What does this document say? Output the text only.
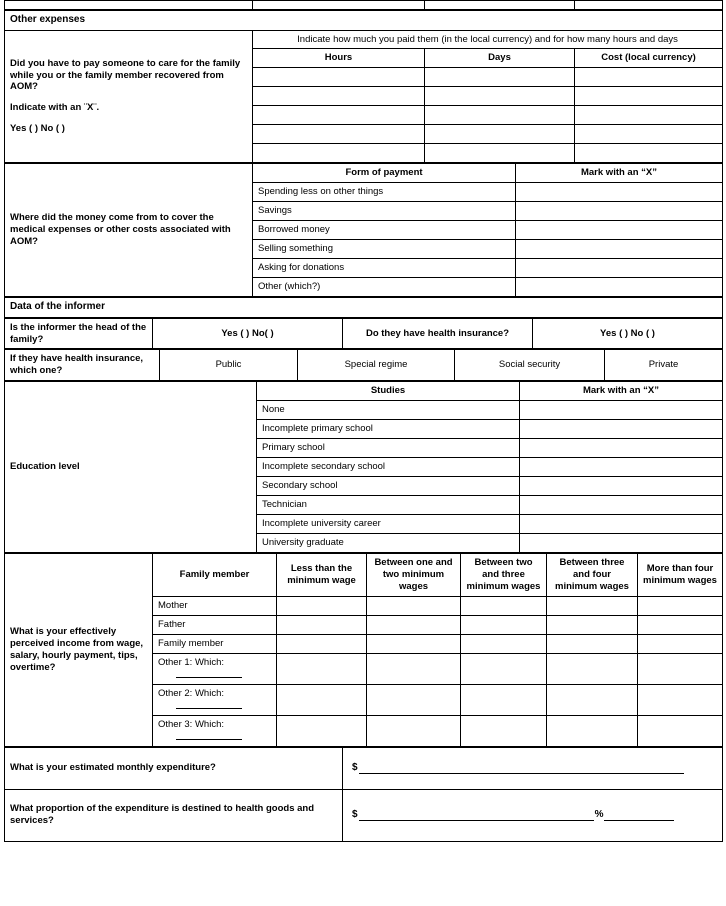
Other expenses			

Did you have to pay someone to care for the family while you or the family member recovered from AOM?
Indicate with an ¨X¨.
Yes ( ) No ( )	Indicate how much you paid them (in the local currency) and for how many hours and days		
	Hours	Days	Cost (local currency)

Where did the money come from to cover the medical expenses or other costs associated with AOM?	Form of payment	Mark with an “X”
	Spending less on other things	
	Savings	
	Borrowed money	
	Selling something	
	Asking for donations	
	Other (which?)	
Data of the informer
Is the informer the head of the family?	Yes ( ) No( )	Do they have health insurance?	Yes ( ) No ( )
If they have health insurance, which one?	Public	Special regime	Social security	Private
Education level	Studies	Mark with an “X”
	None	
	Incomplete primary school	
	Primary school	
	Incomplete secondary school	
	Secondary school	
	Technician	
	Incomplete university career	
	University graduate	
What is your effectively perceived income from wage, salary, hourly payment, tips, overtime?	Family member	Less than the minimum wage	Between one and two minimum wages	Between two and three minimum wages	Between three and four minimum wages	More than four minimum wages
	Mother					
	Father					
	Family member					
	Other 1: Which:

	Other 2: Which:

	Other 3: Which:

What is your estimated monthly expenditure?	$

What proportion of the expenditure is destined to health goods and services?	$ %
